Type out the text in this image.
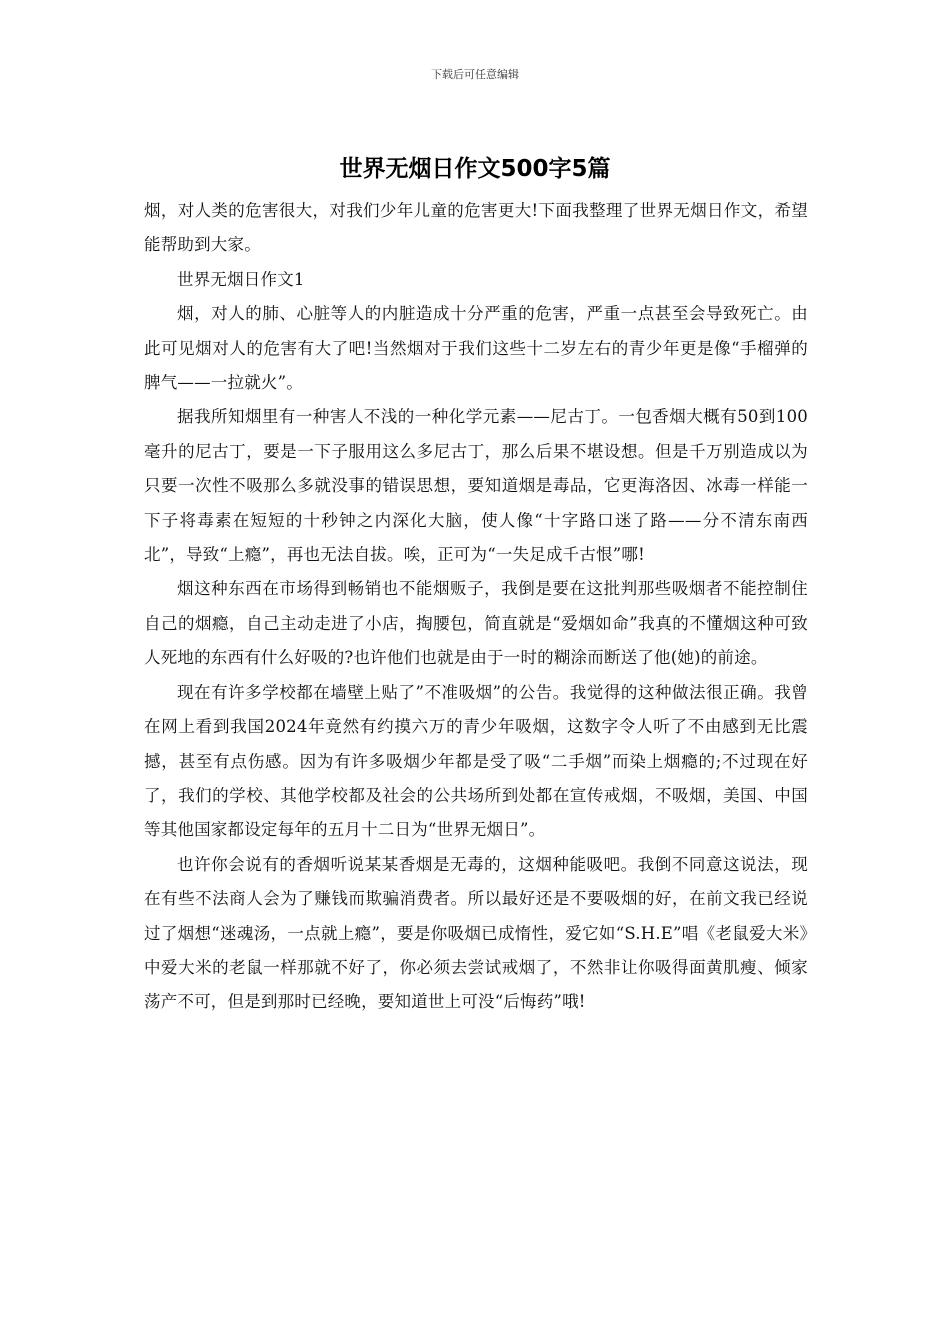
下载后可任意编辑
世界无烟日作文500字5篇

烟，对人类的危害很大，对我们少年儿童的危害更大!下面我整理了世界无烟日作文，希望能帮助到大家。

世界无烟日作文1

烟，对人的肺、心脏等人的内脏造成十分严重的危害，严重一点甚至会导致死亡。由此可见烟对人的危害有大了吧!当然烟对于我们这些十二岁左右的青少年更是像“手榴弹的脾气——一拉就火”。

据我所知烟里有一种害人不浅的一种化学元素——尼古丁。一包香烟大概有50到100毫升的尼古丁，要是一下子服用这么多尼古丁，那么后果不堪设想。但是千万别造成以为只要一次性不吸那么多就没事的错误思想，要知道烟是毒品，它更海洛因、冰毒一样能一下子将毒素在短短的十秒钟之内深化大脑，使人像“十字路口迷了路——分不清东南西北”，导致“上瘾”，再也无法自拔。唉，正可为“一失足成千古恨”哪!

烟这种东西在市场得到畅销也不能烟贩子，我倒是要在这批判那些吸烟者不能控制住自己的烟瘾，自己主动走进了小店，掏腰包，简直就是“爱烟如命”我真的不懂烟这种可致人死地的东西有什么好吸的?也许他们也就是由于一时的糊涂而断送了他(她)的前途。

现在有许多学校都在墙壁上贴了”不准吸烟”的公告。我觉得的这种做法很正确。我曾在网上看到我国2024年竟然有约摸六万的青少年吸烟，这数字令人听了不由感到无比震撼，甚至有点伤感。因为有许多吸烟少年都是受了吸“二手烟”而染上烟瘾的;不过现在好了，我们的学校、其他学校都及社会的公共场所到处都在宣传戒烟，不吸烟，美国、中国等其他国家都设定每年的五月十二日为“世界无烟日”。

也许你会说有的香烟听说某某香烟是无毒的，这烟种能吸吧。我倒不同意这说法，现在有些不法商人会为了赚钱而欺骗消费者。所以最好还是不要吸烟的好，在前文我已经说过了烟想“迷魂汤，一点就上瘾”，要是你吸烟已成惰性，爱它如“S.H.E”唱《老鼠爱大米》中爱大米的老鼠一样那就不好了，你必须去尝试戒烟了，不然非让你吸得面黄肌瘦、倾家荡产不可，但是到那时已经晚，要知道世上可没“后悔药”哦!
